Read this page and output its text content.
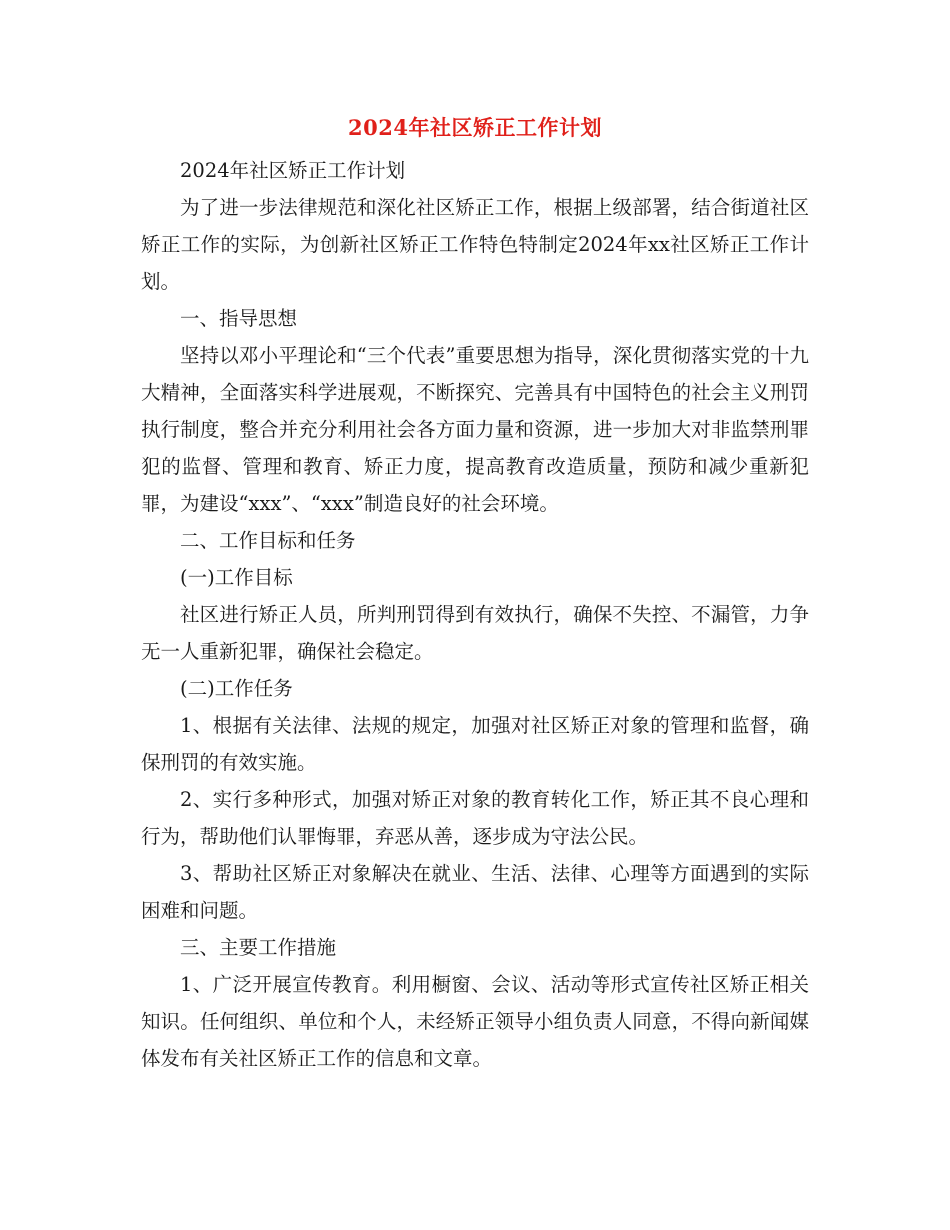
2024年社区矫正工作计划

2024年社区矫正工作计划

为了进一步法律规范和深化社区矫正工作，根据上级部署，结合街道社区矫正工作的实际，为创新社区矫正工作特色特制定2024年xx社区矫正工作计划。

一、指导思想

坚持以邓小平理论和“三个代表”重要思想为指导，深化贯彻落实党的十九大精神，全面落实科学进展观，不断探究、完善具有中国特色的社会主义刑罚执行制度，整合并充分利用社会各方面力量和资源，进一步加大对非监禁刑罪犯的监督、管理和教育、矫正力度，提高教育改造质量，预防和减少重新犯罪，为建设“xxx”、“xxx”制造良好的社会环境。

二、工作目标和任务

(一)工作目标

社区进行矫正人员，所判刑罚得到有效执行，确保不失控、不漏管，力争无一人重新犯罪，确保社会稳定。

(二)工作任务

1、根据有关法律、法规的规定，加强对社区矫正对象的管理和监督，确保刑罚的有效实施。

2、实行多种形式，加强对矫正对象的教育转化工作，矫正其不良心理和行为，帮助他们认罪悔罪，弃恶从善，逐步成为守法公民。

3、帮助社区矫正对象解决在就业、生活、法律、心理等方面遇到的实际困难和问题。

三、主要工作措施

1、广泛开展宣传教育。利用橱窗、会议、活动等形式宣传社区矫正相关知识。任何组织、单位和个人，未经矫正领导小组负责人同意，不得向新闻媒体发布有关社区矫正工作的信息和文章。
